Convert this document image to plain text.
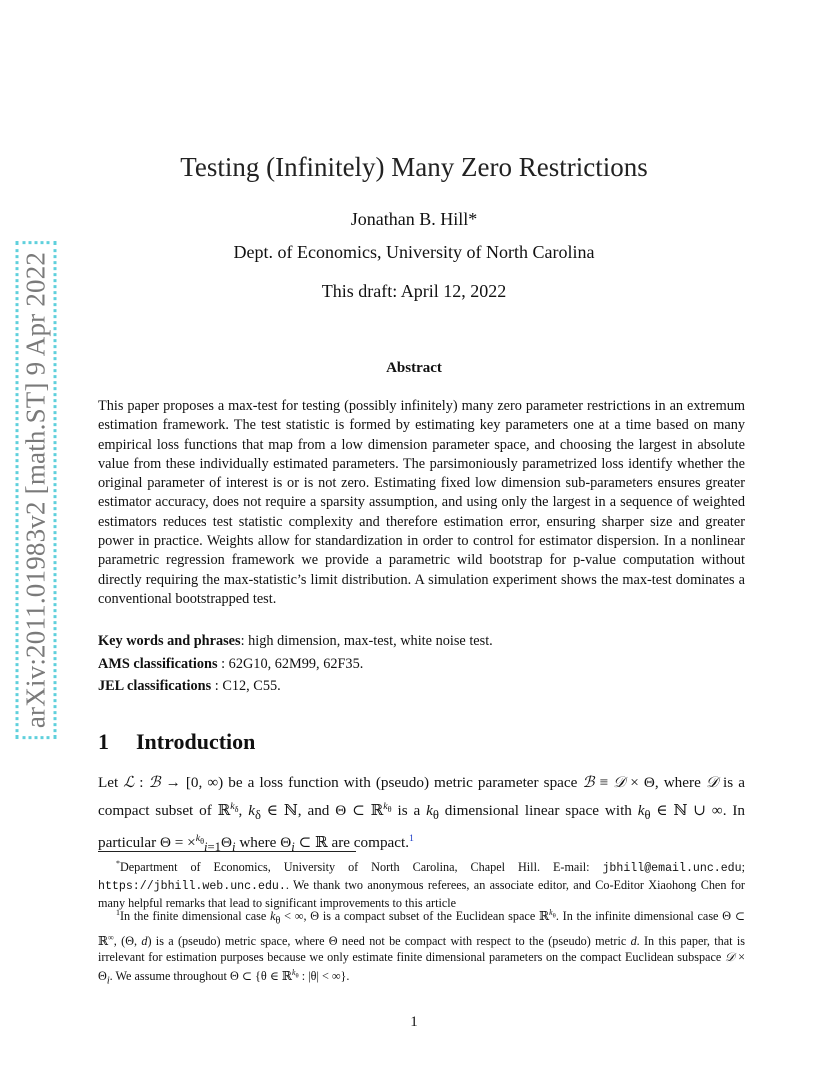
arXiv:2011.01983v2 [math.ST] 9 Apr 2022
Testing (Infinitely) Many Zero Restrictions
Jonathan B. Hill*
Dept. of Economics, University of North Carolina
This draft: April 12, 2022
Abstract
This paper proposes a max-test for testing (possibly infinitely) many zero parameter restrictions in an extremum estimation framework. The test statistic is formed by estimating key parameters one at a time based on many empirical loss functions that map from a low dimension parameter space, and choosing the largest in absolute value from these individually estimated parameters. The parsimoniously parametrized loss identify whether the original parameter of interest is or is not zero. Estimating fixed low dimension sub-parameters ensures greater estimator accuracy, does not require a sparsity assumption, and using only the largest in a sequence of weighted estimators reduces test statistic complexity and therefore estimation error, ensuring sharper size and greater power in practice. Weights allow for standardization in order to control for estimator dispersion. In a nonlinear parametric regression framework we provide a parametric wild bootstrap for p-value computation without directly requiring the max-statistic’s limit distribution. A simulation experiment shows the max-test dominates a conventional bootstrapped test.
Key words and phrases: high dimension, max-test, white noise test.
AMS classifications : 62G10, 62M99, 62F35.
JEL classifications : C12, C55.
1 Introduction
Let ℒ : ℬ → [0, ∞) be a loss function with (pseudo) metric parameter space ℬ ≡ 𝒟 × Θ, where 𝒟 is a compact subset of ℝ$^{k_\delta}$, $k_\delta$ ∈ ℕ, and Θ ⊂ ℝ$^{k_\theta}$ is a $k_\theta$ dimensional linear space with $k_\theta$ ∈ ℕ ∪ ∞. In particular $\Theta = \times^{k_\theta}_{i=1}\Theta_i$ where $\Theta_i$ ⊂ ℝ are compact.$^1$

*Department of Economics, University of North Carolina, Chapel Hill. E-mail: jbhill@email.unc.edu; https://jbhill.web.unc.edu.. We thank two anonymous referees, an associate editor, and Co-Editor Xiaohong Chen for many helpful remarks that lead to significant improvements to this article

$^1$In the finite dimensional case $k_\theta$ < ∞, Θ is a compact subset of the Euclidean space ℝ$^{k_\theta}$. In the infinite dimensional case Θ ⊂ ℝ∞, (Θ, d) is a (pseudo) metric space, where Θ need not be compact with respect to the (pseudo) metric d. In this paper, that is irrelevant for estimation purposes because we only estimate finite dimensional parameters on the compact Euclidean subspace 𝒟 × $\Theta_i$. We assume throughout Θ ⊂ {θ ∈ ℝ$^{k_\theta}$ : |θ| < ∞}.

1
